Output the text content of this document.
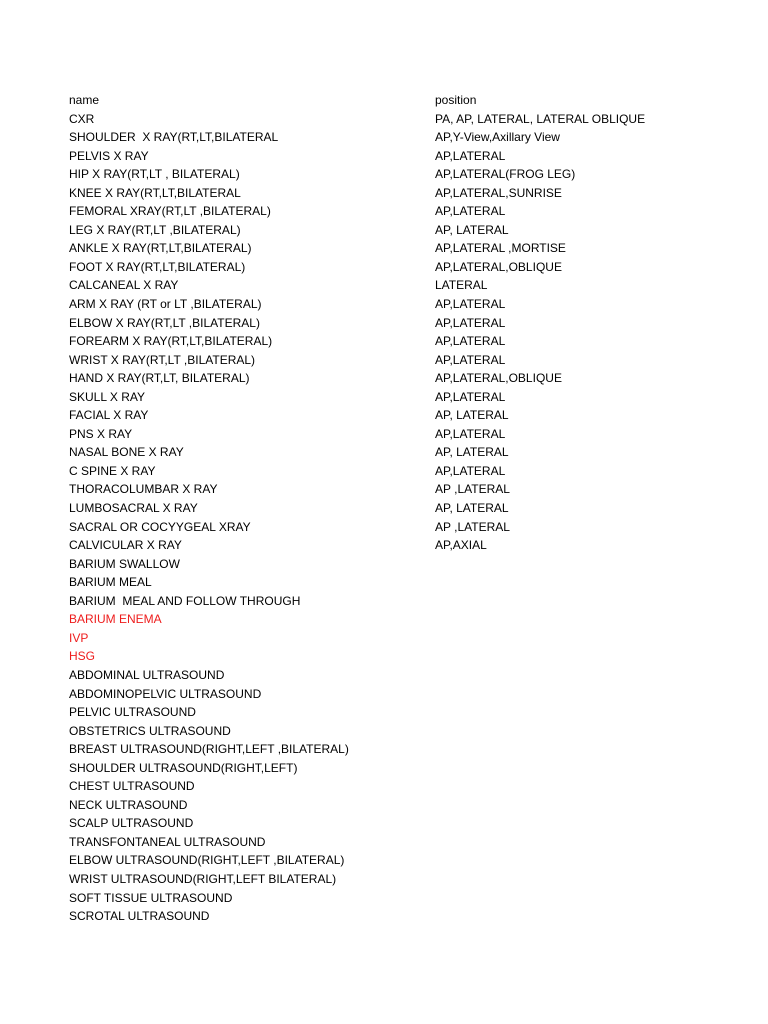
name
CXR
SHOULDER  X RAY(RT,LT,BILATERAL
PELVIS X RAY
HIP X RAY(RT,LT , BILATERAL)
KNEE X RAY(RT,LT,BILATERAL
FEMORAL XRAY(RT,LT ,BILATERAL)
LEG X RAY(RT,LT ,BILATERAL)
ANKLE X RAY(RT,LT,BILATERAL)
FOOT X RAY(RT,LT,BILATERAL)
CALCANEAL X RAY
ARM X RAY (RT or LT ,BILATERAL)
ELBOW X RAY(RT,LT ,BILATERAL)
FOREARM X RAY(RT,LT,BILATERAL)
WRIST X RAY(RT,LT ,BILATERAL)
HAND X RAY(RT,LT, BILATERAL)
SKULL X RAY
FACIAL X RAY
PNS X RAY
NASAL BONE X RAY
C SPINE X RAY
THORACOLUMBAR X RAY
LUMBOSACRAL X RAY
SACRAL OR COCYYGEAL XRAY
CALVICULAR X RAY
BARIUM SWALLOW
BARIUM MEAL
BARIUM  MEAL AND FOLLOW THROUGH
BARIUM ENEMA
IVP
HSG
ABDOMINAL ULTRASOUND
ABDOMINOPELVIC ULTRASOUND
PELVIC ULTRASOUND
OBSTETRICS ULTRASOUND
BREAST ULTRASOUND(RIGHT,LEFT ,BILATERAL)
SHOULDER ULTRASOUND(RIGHT,LEFT)
CHEST ULTRASOUND
NECK ULTRASOUND
SCALP ULTRASOUND
TRANSFONTANEAL ULTRASOUND
ELBOW ULTRASOUND(RIGHT,LEFT ,BILATERAL)
WRIST ULTRASOUND(RIGHT,LEFT BILATERAL)
SOFT TISSUE ULTRASOUND
SCROTAL ULTRASOUND
position
PA, AP, LATERAL, LATERAL OBLIQUE
AP,Y-View,Axillary View
AP,LATERAL
AP,LATERAL(FROG LEG)
AP,LATERAL,SUNRISE
AP,LATERAL
AP, LATERAL
AP,LATERAL ,MORTISE
AP,LATERAL,OBLIQUE
LATERAL
AP,LATERAL
AP,LATERAL
AP,LATERAL
AP,LATERAL
AP,LATERAL,OBLIQUE
AP,LATERAL
AP, LATERAL
AP,LATERAL
AP, LATERAL
AP,LATERAL
AP ,LATERAL
AP, LATERAL
AP ,LATERAL
AP,AXIAL
